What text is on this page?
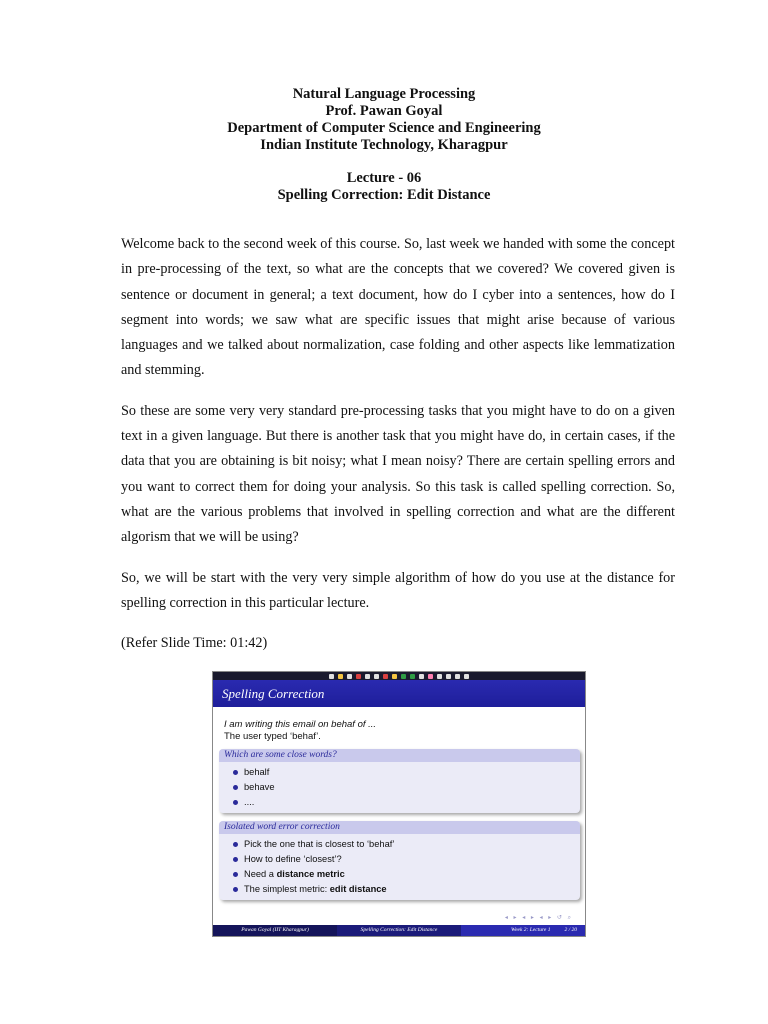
Natural Language Processing
Prof. Pawan Goyal
Department of Computer Science and Engineering
Indian Institute Technology, Kharagpur
Lecture - 06
Spelling Correction: Edit Distance

Welcome back to the second week of this course. So, last week we handed with some the concept in pre-processing of the text, so what are the concepts that we covered? We covered given is sentence or document in general; a text document, how do I cyber into a sentences, how do I segment into words; we saw what are specific issues that might arise because of various languages and we talked about normalization, case folding and other aspects like lemmatization and stemming.

So these are some very very standard pre-processing tasks that you might have to do on a given text in a given language. But there is another task that you might have do, in certain cases, if the data that you are obtaining is bit noisy; what I mean noisy? There are certain spelling errors and you want to correct them for doing your analysis. So this task is called spelling correction. So, what are the various problems that involved in spelling correction and what are the different algorism that we will be using?

So, we will be start with the very very simple algorithm of how do you use at the distance for spelling correction in this particular lecture.

(Refer Slide Time: 01:42)

Spelling Correction
I am writing this email on behaf of ...
The user typed ‘behaf’.
Which are some close words?
behalf
behave
....
Isolated word error correction
Pick the one that is closest to ‘behaf’
How to define ‘closest’?
Need a distance metric
The simplest metric: edit distance
◂ ▸ ◂ ▸ ◂ ▸ ↺ ⌕
Pawan Goyal (IIT Kharagpur)	Spelling Correction: Edit Distance	Week 2: Lecture 1	2 / 20
